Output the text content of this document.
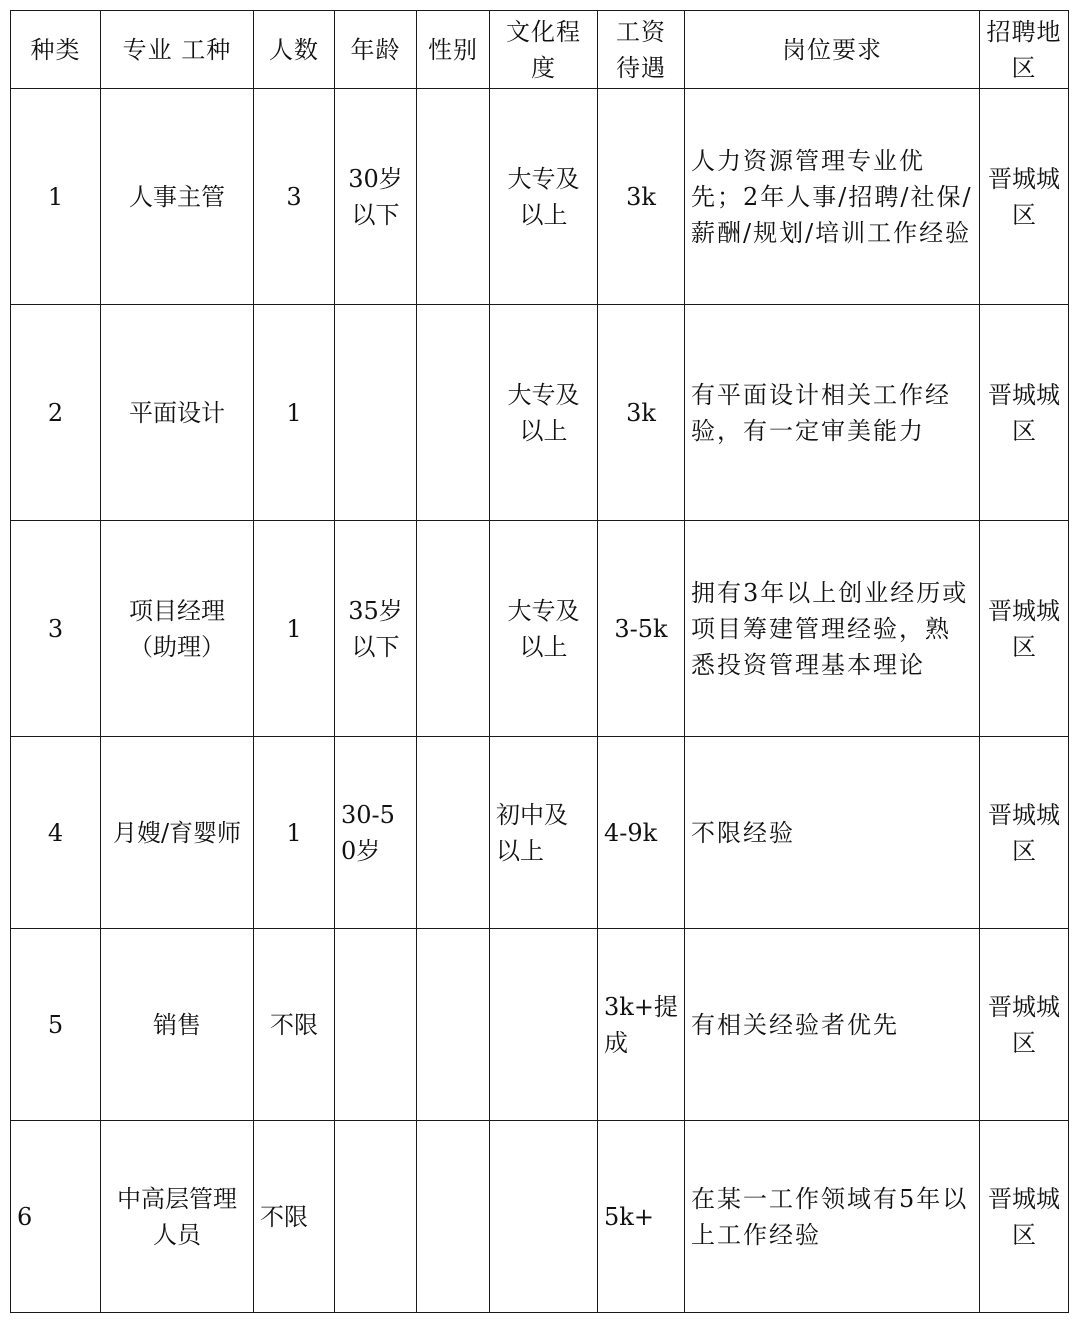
种类	专业 工种	人数	年龄	性别	文化程度	工资待遇	岗位要求	招聘地区
1	人事主管	3	30岁以下		大专及以上	3k	人力资源管理专业优先；2年人事/招聘/社保/薪酬/规划/培训工作经验	晋城城区
2	平面设计	1			大专及以上	3k	有平面设计相关工作经验，有一定审美能力	晋城城区
3	项目经理（助理）	1	35岁以下		大专及以上	3-5k	拥有3年以上创业经历或项目筹建管理经验，熟悉投资管理基本理论	晋城城区
4	月嫂/育婴师	1	30-50岁		初中及以上	4-9k	不限经验	晋城城区
5	销售	不限				3k+提成	有相关经验者优先	晋城城区
6	中高层管理人员	不限				5k+	在某一工作领域有5年以上工作经验	晋城城区
